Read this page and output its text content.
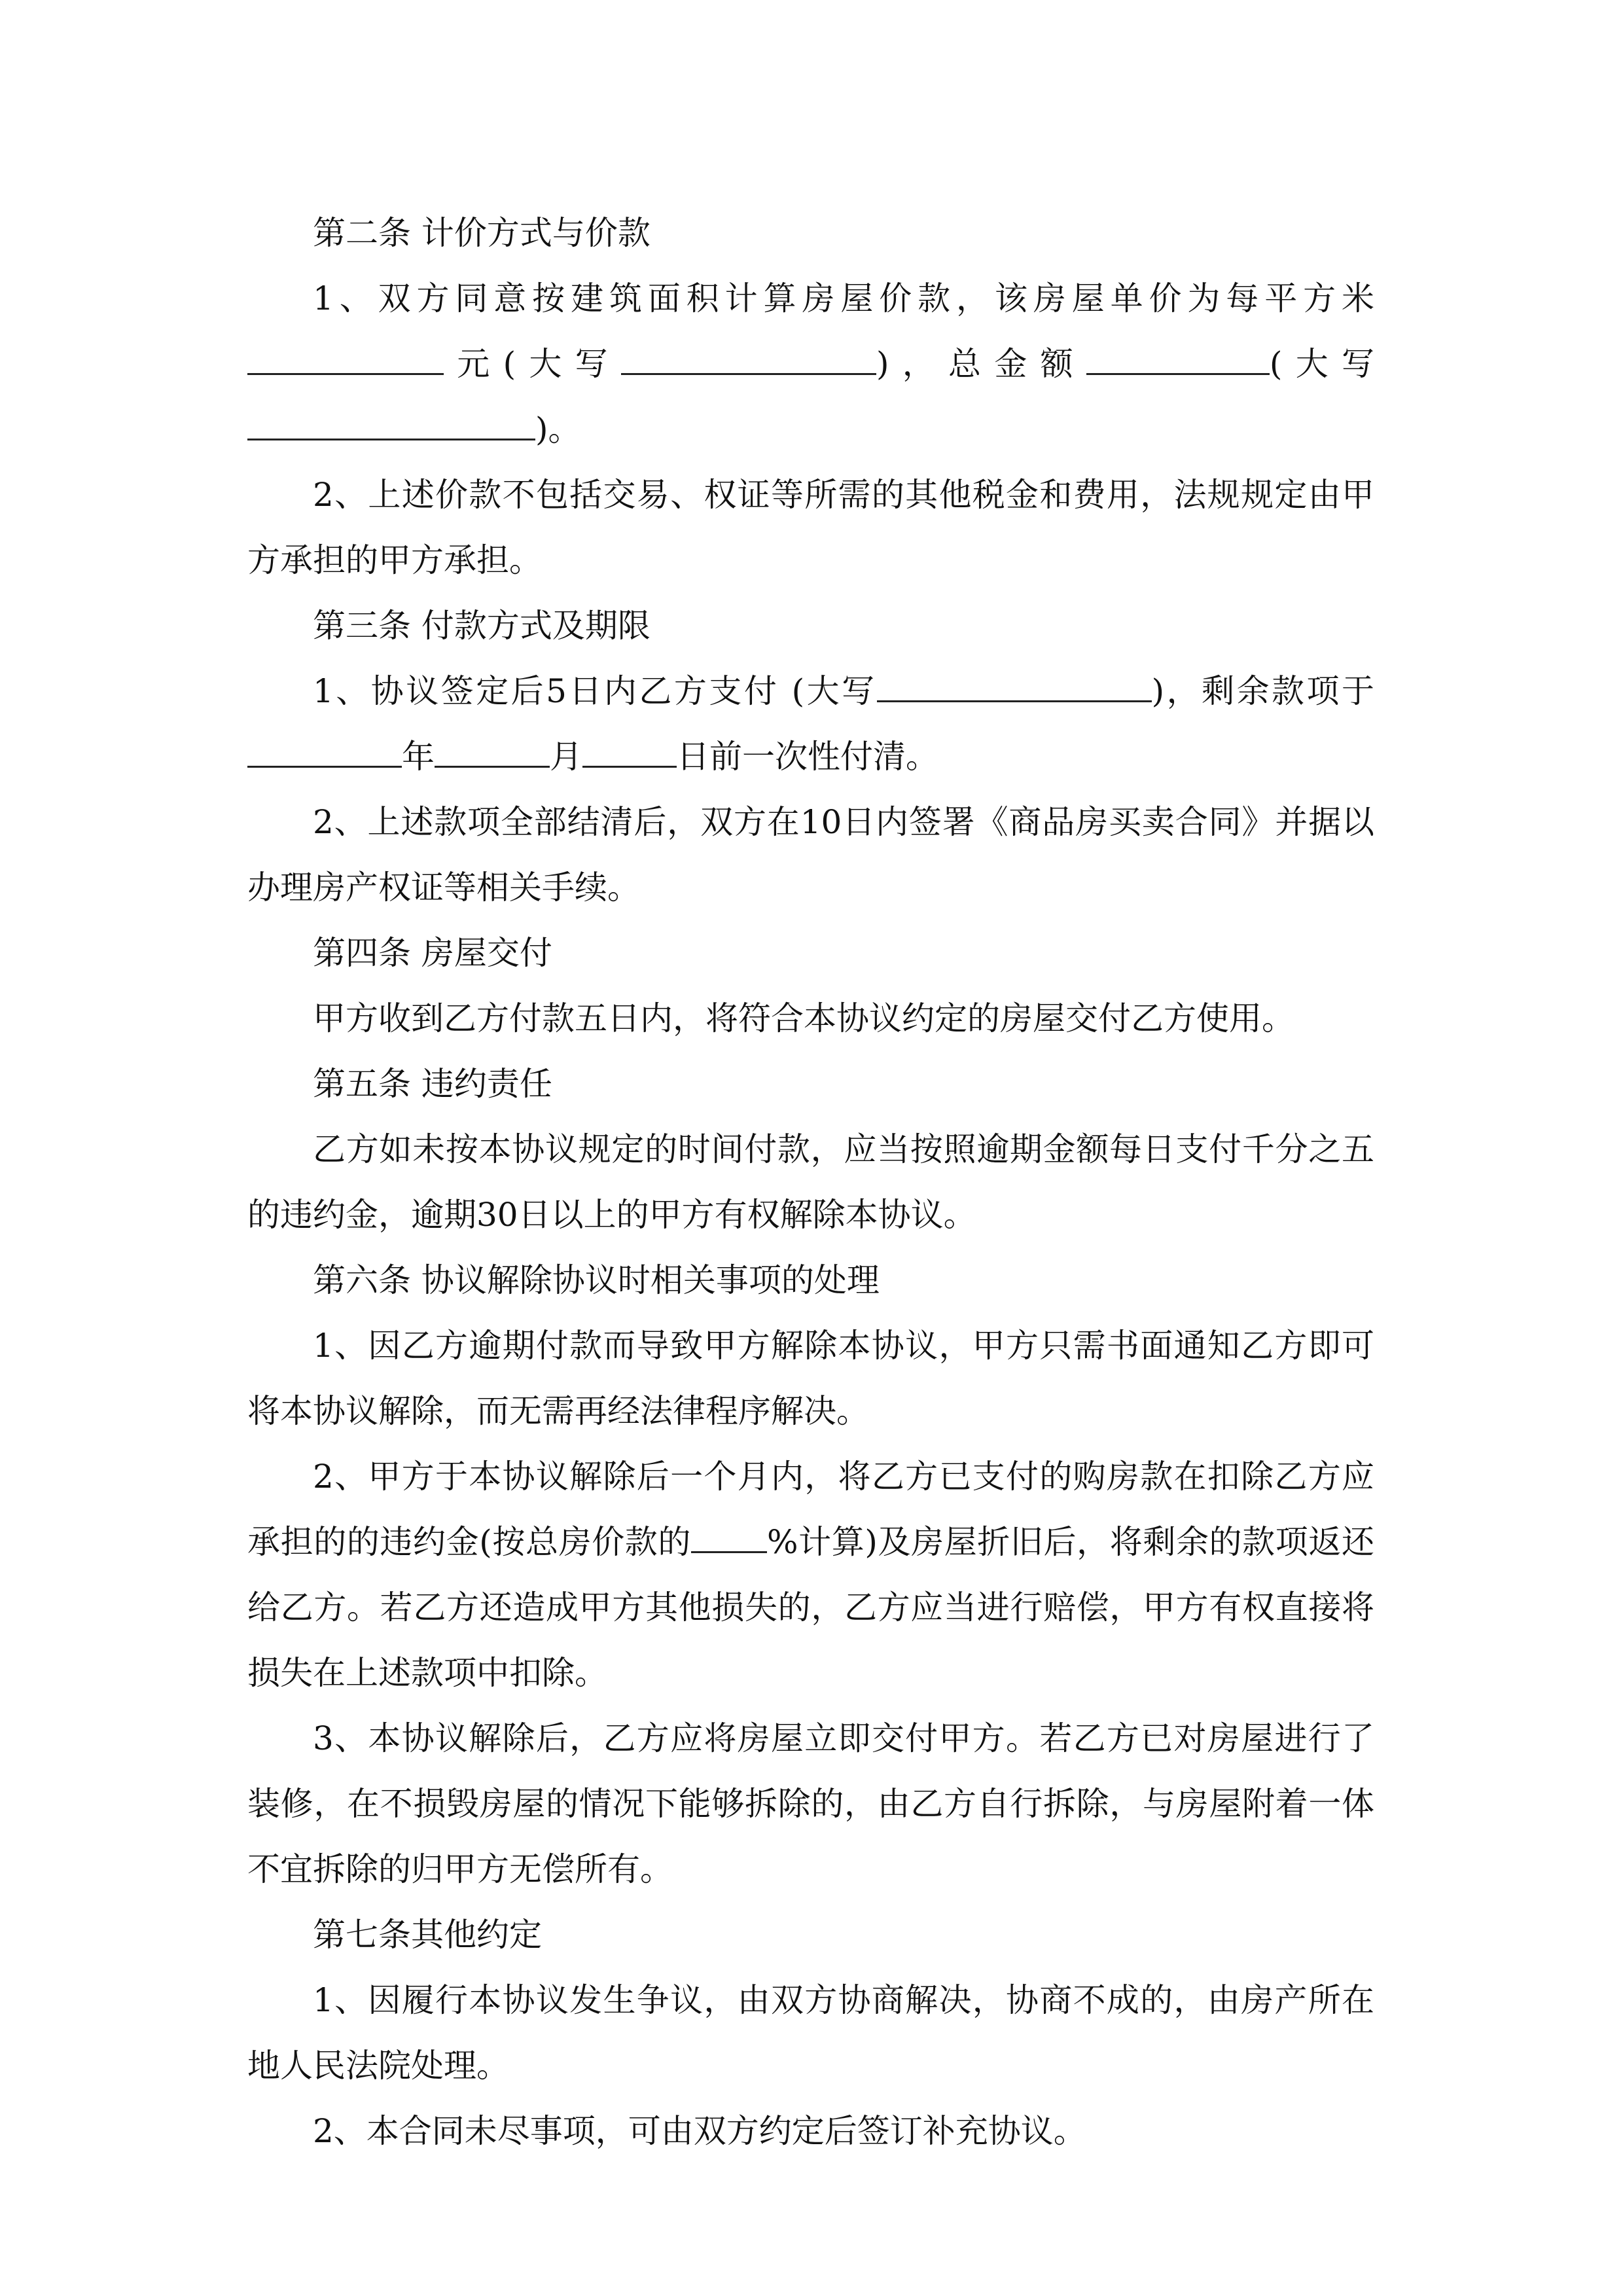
第二条 计价方式与价款

1、双方同意按建筑面积计算房屋价款，该房屋单价为每平方米元(大写	)，总金额	(大写)。

2、上述价款不包括交易、权证等所需的其他税金和费用，法规规定由甲方承担的甲方承担。

第三条 付款方式及期限

1、协议签定后5日内乙方支付 (大写	)，剩余款项于年	月	日前一次性付清。

2、上述款项全部结清后，双方在10日内签署《商品房买卖合同》并据以办理房产权证等相关手续。

第四条 房屋交付

甲方收到乙方付款五日内，将符合本协议约定的房屋交付乙方使用。

第五条 违约责任

乙方如未按本协议规定的时间付款，应当按照逾期金额每日支付千分之五的违约金，逾期30日以上的甲方有权解除本协议。

第六条 协议解除协议时相关事项的处理

1、因乙方逾期付款而导致甲方解除本协议，甲方只需书面通知乙方即可将本协议解除，而无需再经法律程序解决。

2、甲方于本协议解除后一个月内，将乙方已支付的购房款在扣除乙方应承担的的违约金(按总房价款的 %计算)及房屋折旧后，将剩余的款项返还给乙方。若乙方还造成甲方其他损失的，乙方应当进行赔偿，甲方有权直接将损失在上述款项中扣除。

3、本协议解除后，乙方应将房屋立即交付甲方。若乙方已对房屋进行了装修，在不损毁房屋的情况下能够拆除的，由乙方自行拆除，与房屋附着一体不宜拆除的归甲方无偿所有。

第七条其他约定

1、因履行本协议发生争议，由双方协商解决，协商不成的，由房产所在地人民法院处理。

2、本合同未尽事项，可由双方约定后签订补充协议。
